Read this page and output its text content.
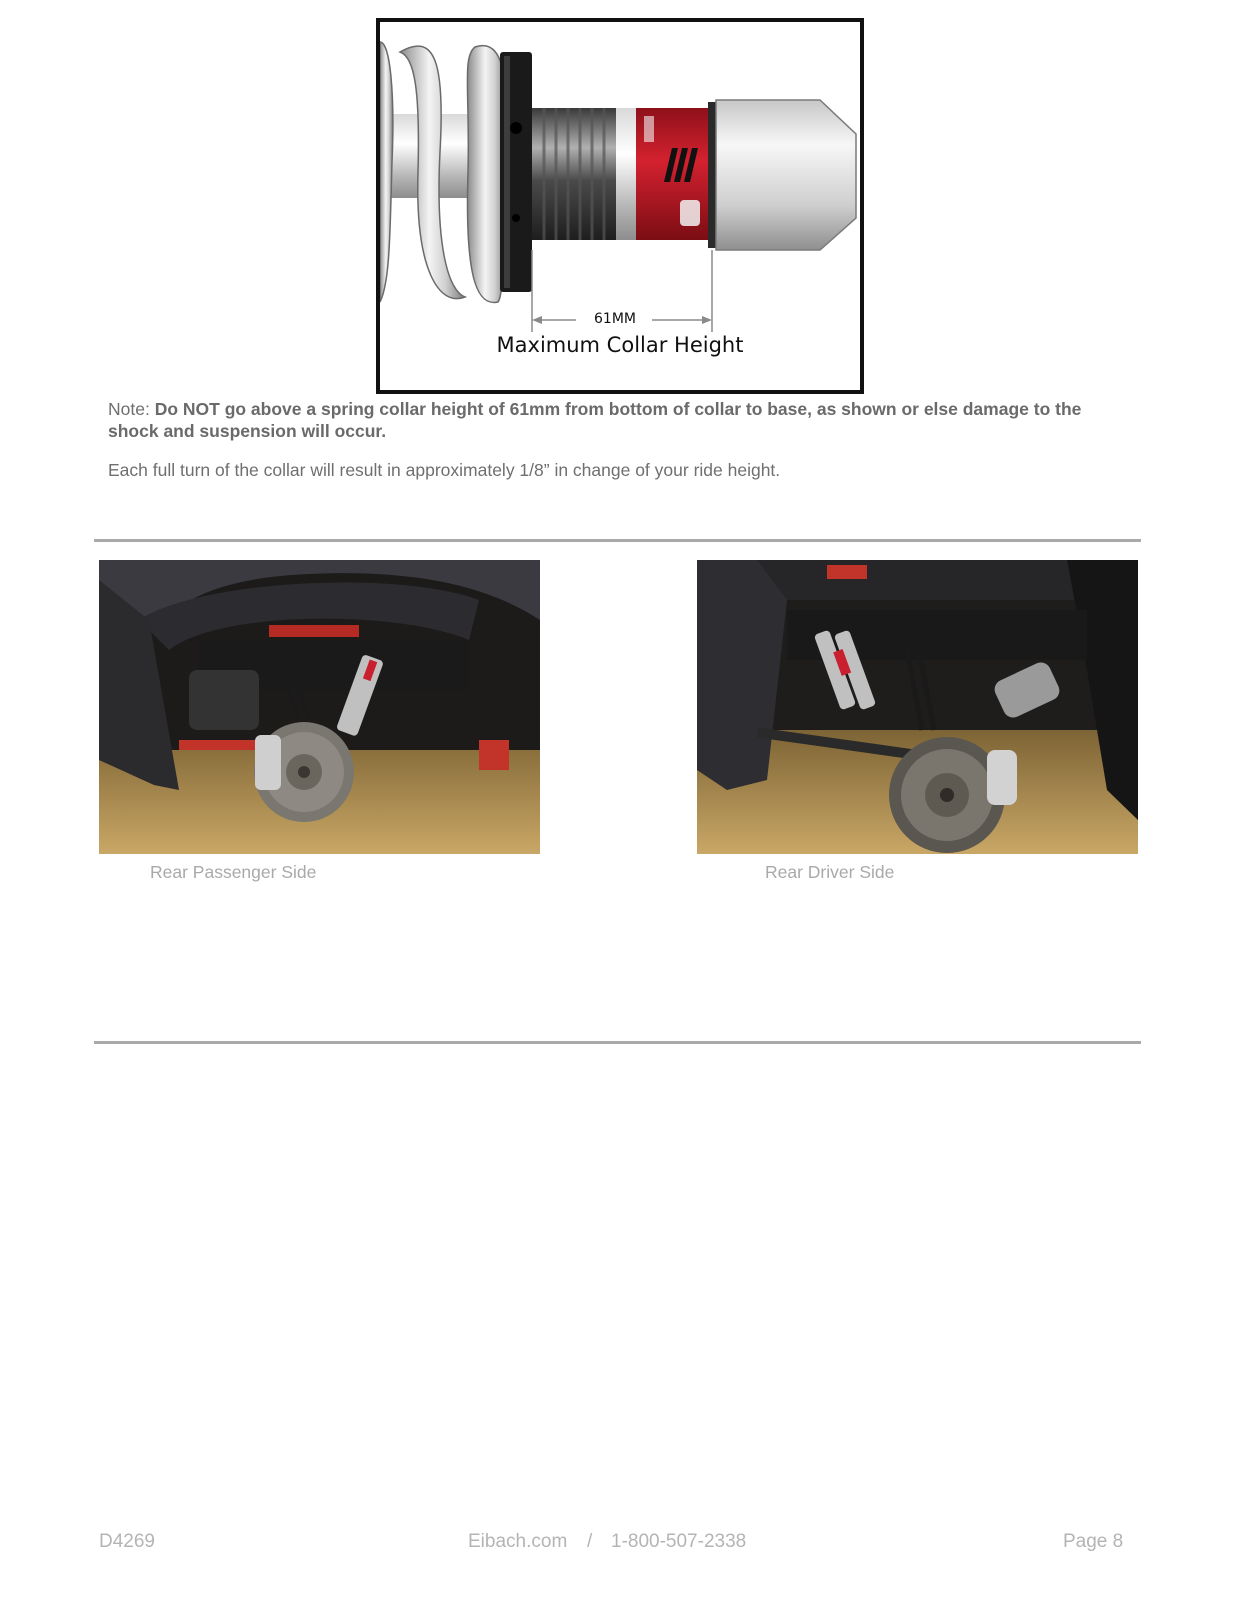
61MM
Maximum Collar Height
Note: Do NOT go above a spring collar height of 61mm from bottom of collar to base, as shown or else damage to the shock and suspension will occur.
Each full turn of the collar will result in approximately 1/8” in change of your ride height.
Rear Passenger Side	Rear Driver Side
D4269	Eibach.com / 1-800-507-2338	Page 8
